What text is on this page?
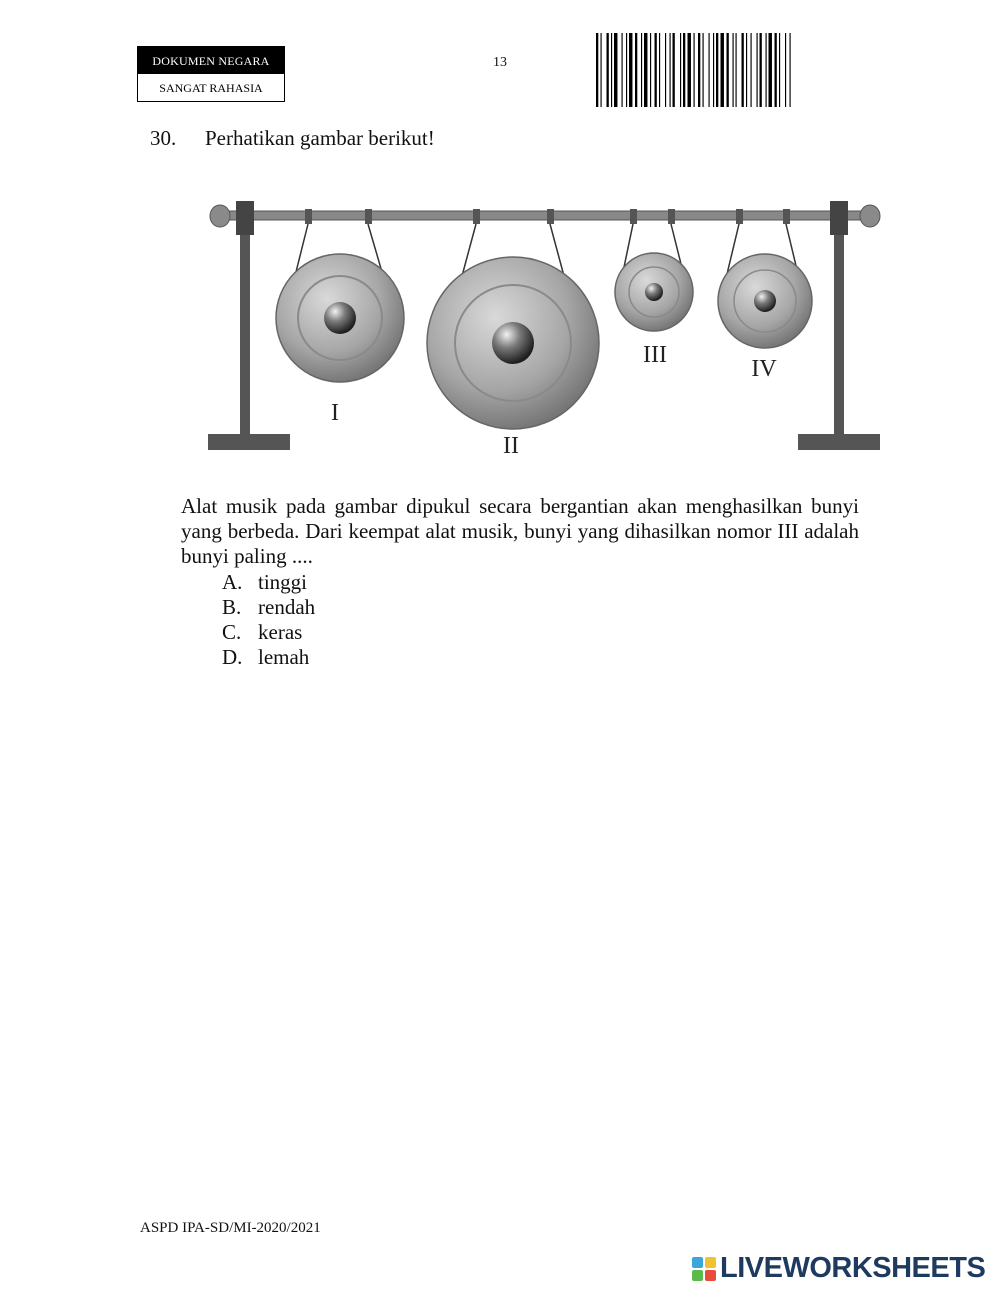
DOKUMEN NEGARA
SANGAT RAHASIA
13
30. Perhatikan gambar berikut!
I
II
III
IV

Alat musik pada gambar dipukul secara bergantian akan menghasilkan bunyi yang berbeda. Dari keempat alat musik, bunyi yang dihasilkan nomor III adalah bunyi paling ....

A. tinggi
B. rendah
C. keras
D. lemah
ASPD IPA-SD/MI-2020/2021
LIVEWORKSHEETS
